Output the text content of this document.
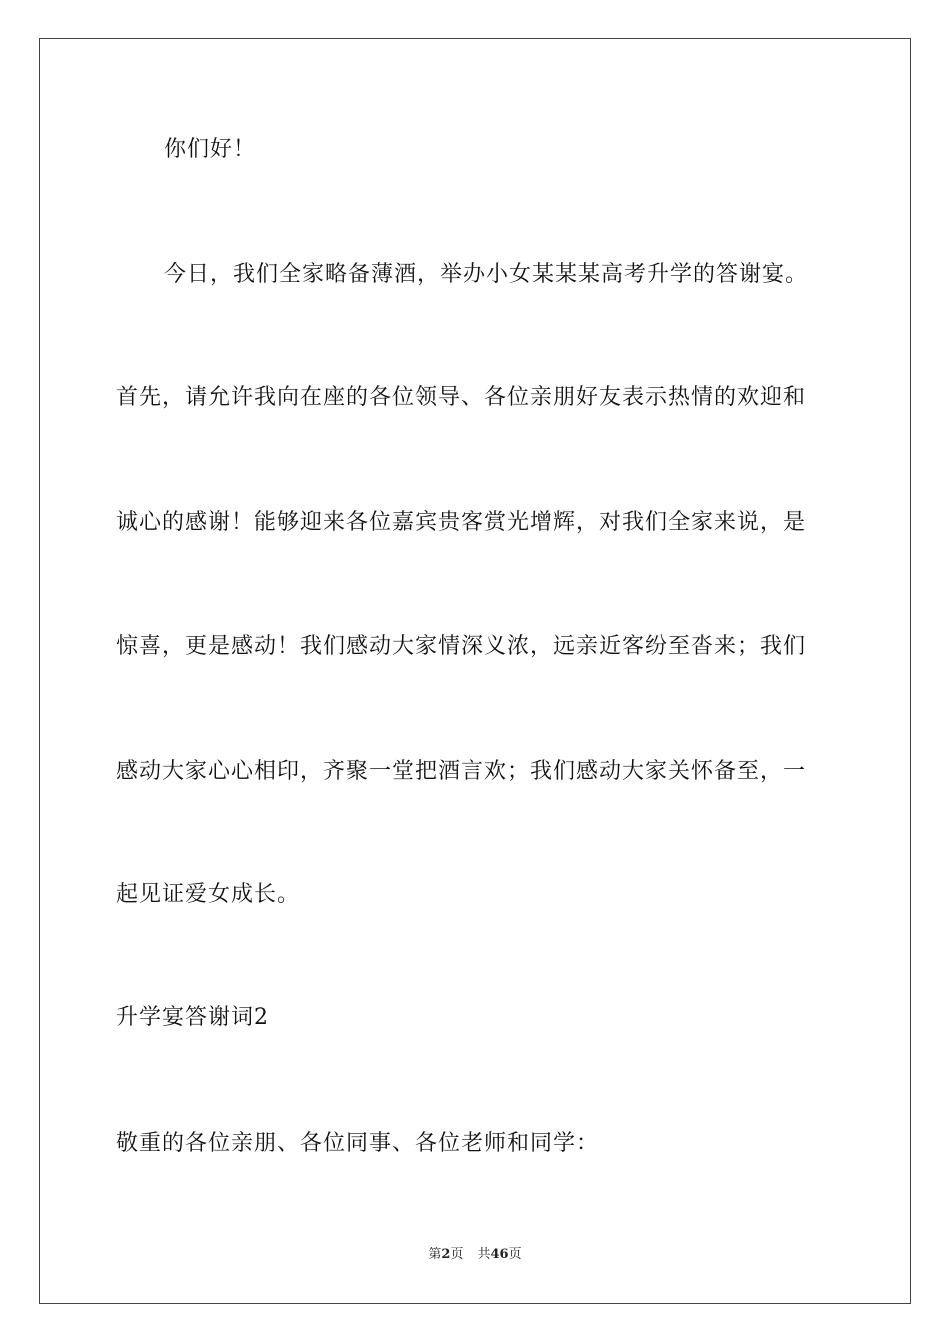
你们好！
今日，我们全家略备薄酒，举办小女某某某高考升学的答谢宴。
首先，请允许我向在座的各位领导、各位亲朋好友表示热情的欢迎和
诚心的感谢！能够迎来各位嘉宾贵客赏光增辉，对我们全家来说，是
惊喜，更是感动！我们感动大家情深义浓，远亲近客纷至沓来；我们
感动大家心心相印，齐聚一堂把酒言欢；我们感动大家关怀备至，一
起见证爱女成长。
升学宴答谢词2
敬重的各位亲朋、各位同事、各位老师和同学：
第2页 共46页
